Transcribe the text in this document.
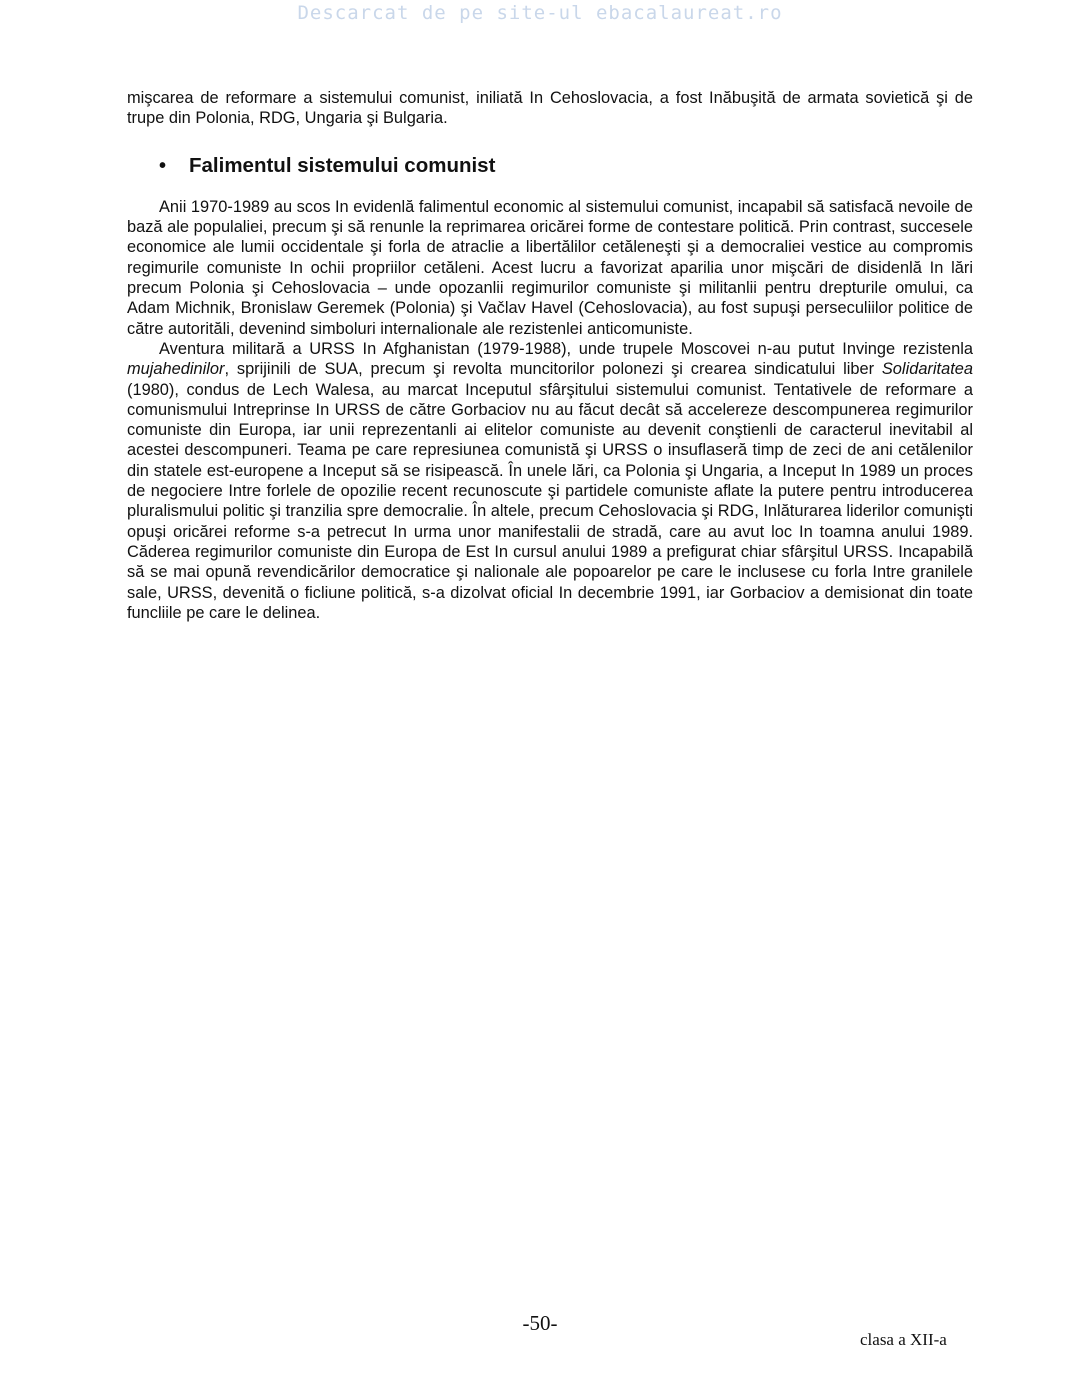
Descarcat de pe site-ul ebacalaureat.ro

mişcarea de reformare a sistemului comunist, iniliată In Cehoslovacia, a fost Inăbuşită de armata sovietică şi de trupe din Polonia, RDG, Ungaria şi Bulgaria.

•	Falimentul sistemului comunist

Anii 1970-1989 au scos In evidenlă falimentul economic al sistemului comunist, incapabil să satisfacă nevoile de bază ale populaliei, precum şi să renunle la reprimarea oricărei forme de contestare politică. Prin contrast, succesele economice ale lumii occidentale şi forla de atraclie a libertălilor cetăleneşti şi a democraliei vestice au compromis regimurile comuniste In ochii propriilor cetăleni. Acest lucru a favorizat aparilia unor mişcări de disidenlă In lări precum Polonia şi Cehoslovacia – unde opozanlii regimurilor comuniste şi militanlii pentru drepturile omului, ca Adam Michnik, Bronislaw Geremek (Polonia) şi Vačlav Havel (Cehoslovacia), au fost supuşi perseculiilor politice de către autorităli, devenind simboluri internalionale ale rezistenlei anticomuniste.

Aventura militară a URSS In Afghanistan (1979-1988), unde trupele Moscovei n-au putut Invinge rezistenla mujahedinilor, sprijinili de SUA, precum şi revolta muncitorilor polonezi şi crearea sindicatului liber Solidaritatea (1980), condus de Lech Walesa, au marcat Inceputul sfârşitului sistemului comunist. Tentativele de reformare a comunismului Intreprinse In URSS de către Gorbaciov nu au făcut decât să accelereze descompunerea regimurilor comuniste din Europa, iar unii reprezentanli ai elitelor comuniste au devenit conştienli de caracterul inevitabil al acestei descompuneri. Teama pe care represiunea comunistă şi URSS o insuflaseră timp de zeci de ani cetălenilor din statele est-europene a Inceput să se risipească. În unele lări, ca Polonia şi Ungaria, a Inceput In 1989 un proces de negociere Intre forlele de opozilie recent recunoscute şi partidele comuniste aflate la putere pentru introducerea pluralismului politic şi tranzilia spre democralie. În altele, precum Cehoslovacia şi RDG, Inlăturarea liderilor comunişti opuşi oricărei reforme s-a petrecut In urma unor manifestalii de stradă, care au avut loc In toamna anului 1989. Căderea regimurilor comuniste din Europa de Est In cursul anului 1989 a prefigurat chiar sfârşitul URSS. Incapabilă să se mai opună revendicărilor democratice şi nalionale ale popoarelor pe care le inclusese cu forla Intre granilele sale, URSS, devenită o ficliune politică, s-a dizolvat oficial In decembrie 1991, iar Gorbaciov a demisionat din toate funcliile pe care le delinea.

-50-
clasa a XII-a
